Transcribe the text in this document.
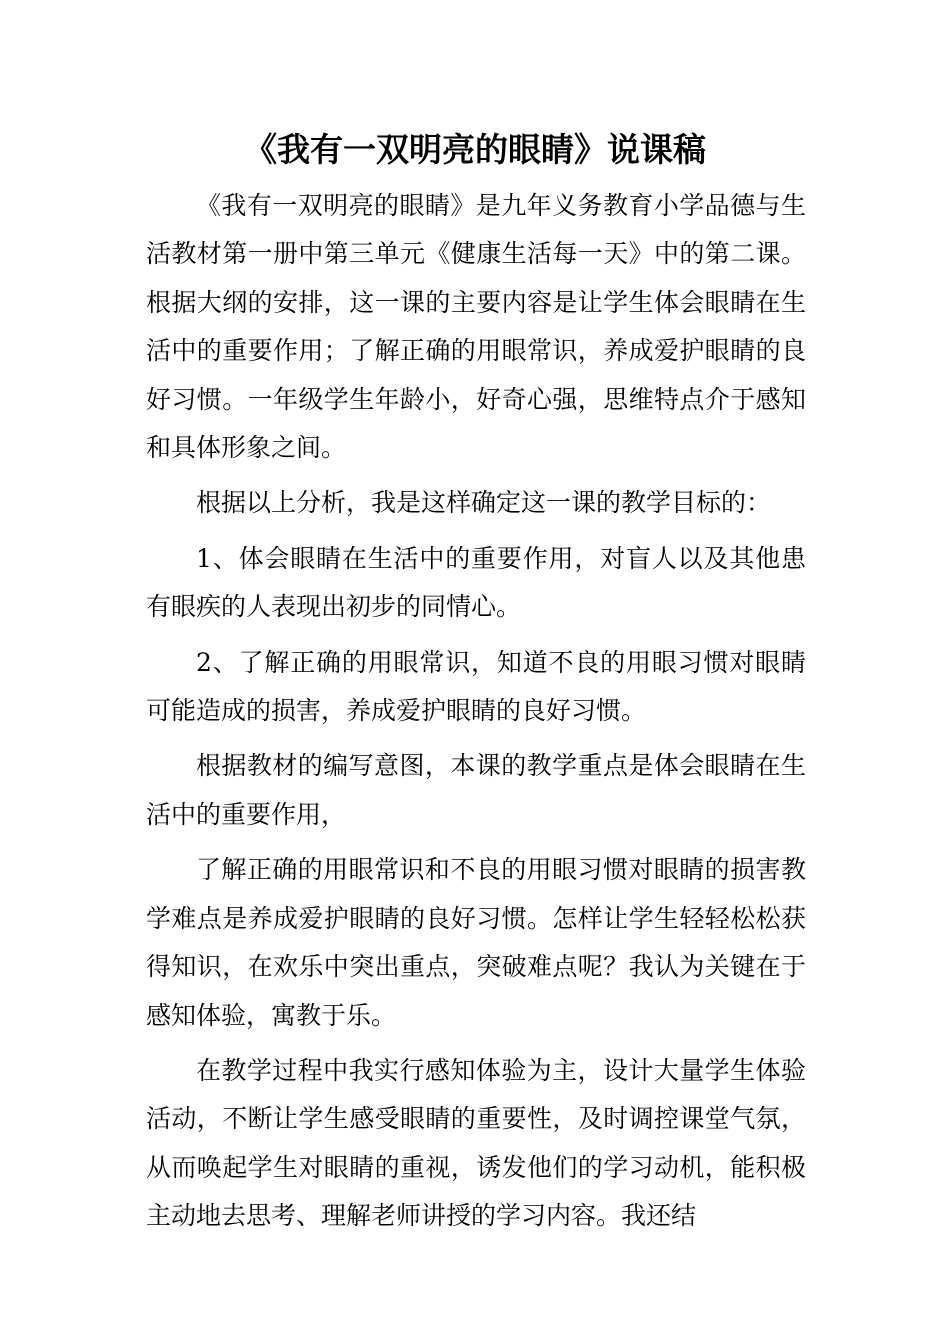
《我有一双明亮的眼睛》说课稿

《我有一双明亮的眼睛》是九年义务教育小学品德与生活教材第一册中第三单元《健康生活每一天》中的第二课。根据大纲的安排，这一课的主要内容是让学生体会眼睛在生活中的重要作用；了解正确的用眼常识，养成爱护眼睛的良好习惯。一年级学生年龄小，好奇心强，思维特点介于感知和具体形象之间。

根据以上分析，我是这样确定这一课的教学目标的：

1、体会眼睛在生活中的重要作用，对盲人以及其他患有眼疾的人表现出初步的同情心。

2、了解正确的用眼常识，知道不良的用眼习惯对眼睛可能造成的损害，养成爱护眼睛的良好习惯。

根据教材的编写意图，本课的教学重点是体会眼睛在生活中的重要作用，

了解正确的用眼常识和不良的用眼习惯对眼睛的损害教学难点是养成爱护眼睛的良好习惯。怎样让学生轻轻松松获得知识，在欢乐中突出重点，突破难点呢？我认为关键在于感知体验，寓教于乐。

在教学过程中我实行感知体验为主，设计大量学生体验活动，不断让学生感受眼睛的重要性，及时调控课堂气氛，从而唤起学生对眼睛的重视，诱发他们的学习动机，能积极主动地去思考、理解老师讲授的学习内容。我还结
